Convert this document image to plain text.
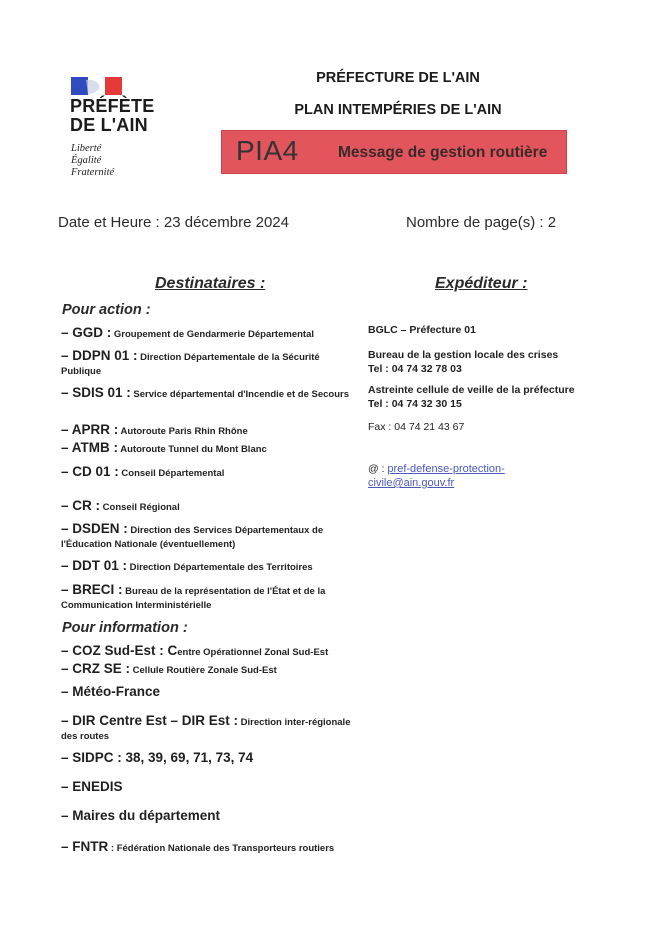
PRÉFÈTE
DE L'AIN
Liberté
Égalité
Fraternité
PRÉFECTURE DE L'AIN
PLAN INTEMPÉRIES DE L'AIN
PIA4	Message de gestion routière
Date et Heure : 23 décembre 2024	Nombre de page(s) : 2
Destinataires :	Expéditeur :
Pour action :
– GGD : Groupement de Gendarmerie Départemental
– DDPN 01 : Direction Départementale de la Sécurité Publique
– SDIS 01 : Service départemental d'Incendie et de Secours
– APRR : Autoroute Paris Rhin Rhône
– ATMB : Autoroute Tunnel du Mont Blanc
– CD 01 : Conseil Départemental
– CR : Conseil Régional
– DSDEN : Direction des Services Départementaux de l'Éducation Nationale (éventuellement)
– DDT 01 : Direction Départementale des Territoires
– BRECI : Bureau de la représentation de l'État et de la Communication Interministérielle
Pour information :
– COZ Sud-Est : Centre Opérationnel Zonal Sud-Est
– CRZ SE : Cellule Routière Zonale Sud-Est
– Météo-France
– DIR Centre Est – DIR Est : Direction inter-régionale des routes
– SIDPC : 38, 39, 69, 71, 73, 74
– ENEDIS
– Maires du département
– FNTR : Fédération Nationale des Transporteurs routiers
BGLC – Préfecture 01
Bureau de la gestion locale des crises
Tel : 04 74 32 78 03
Astreinte cellule de veille de la préfecture
Tel : 04 74 32 30 15
Fax : 04 74 21 43 67
@ : pref-defense-protection-civile@ain.gouv.fr
